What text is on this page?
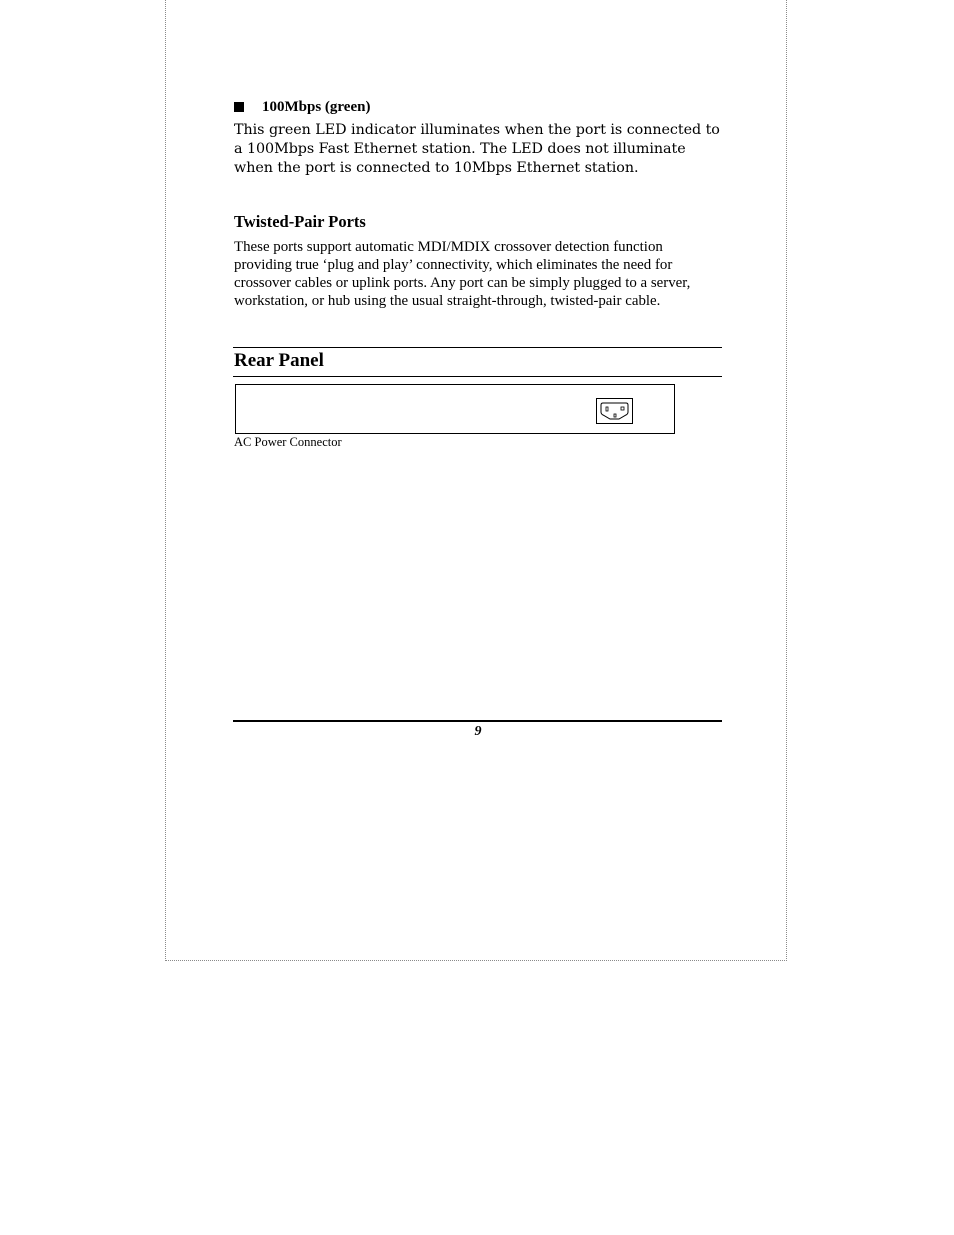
100Mbps (green)

This green LED indicator illuminates when the port is connected to a 100Mbps Fast Ethernet station. The LED does not illuminate when the port is connected to 10Mbps Ethernet station.

Twisted-Pair Ports

These ports support automatic MDI/MDIX crossover detection function providing true ‘plug and play’ connectivity, which eliminates the need for crossover cables or uplink ports. Any port can be simply plugged to a server, workstation, or hub using the usual straight-through, twisted-pair cable.

Rear Panel
AC Power Connector
9
